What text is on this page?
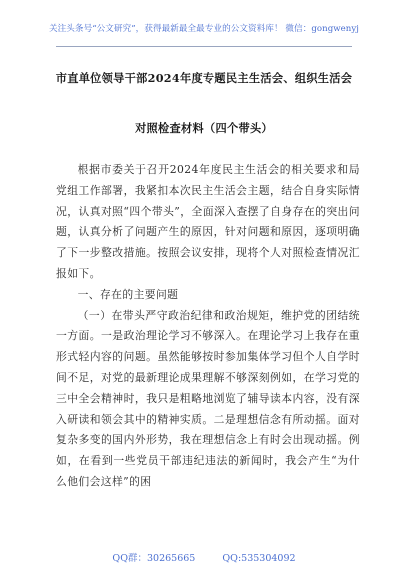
关注头条号“公文研究”，获得最新最全最专业的公文资料库！ 微信：gongwenyj
市直单位领导干部2024年度专题民主生活会、组织生活会
对照检查材料（四个带头）

根据市委关于召开2024年度民主生活会的相关要求和局党组工作部署，我紧扣本次民主生活会主题，结合自身实际情况，认真对照“四个带头”，全面深入查摆了自身存在的突出问题，认真分析了问题产生的原因，针对问题和原因，逐项明确了下一步整改措施。按照会议安排，现将个人对照检查情况汇报如下。

一、存在的主要问题

（一）在带头严守政治纪律和政治规矩，维护党的团结统一方面。一是政治理论学习不够深入。在理论学习上我存在重形式轻内容的问题。虽然能够按时参加集体学习但个人自学时间不足，对党的最新理论成果理解不够深刻例如，在学习党的三中全会精神时，我只是粗略地浏览了辅导读本内容，没有深入研读和领会其中的精神实质。二是理想信念有所动摇。面对复杂多变的国内外形势，我在理想信念上有时会出现动摇。例如，在看到一些党员干部违纪违法的新闻时，我会产生“为什么他们会这样”的困

QQ群：30265665	QQ:535304092
